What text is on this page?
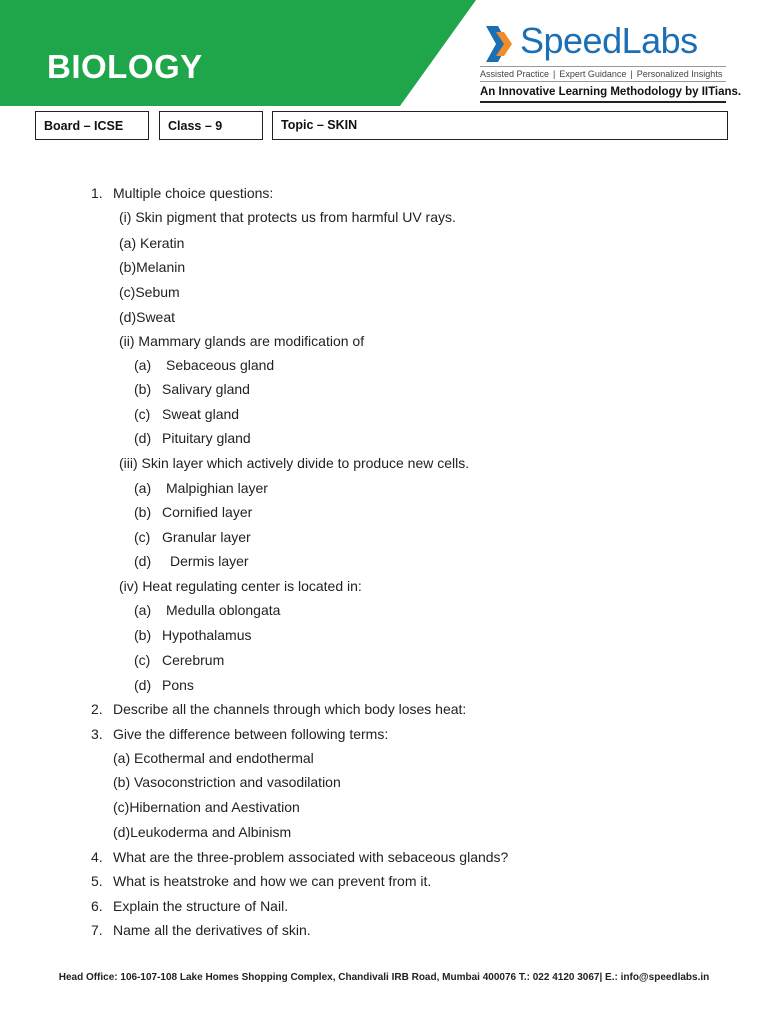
BIOLOGY
SpeedLabs
Assisted Practice | Expert Guidance | Personalized Insights
An Innovative Learning Methodology by IITians.
Board – ICSE	Class – 9	Topic – SKIN
1. Multiple choice questions:
(i) Skin pigment that protects us from harmful UV rays.
(a) Keratin
(b)Melanin
(c)Sebum
(d)Sweat
(ii) Mammary glands are modification of
(a) Sebaceous gland
(b) Salivary gland
(c) Sweat gland
(d) Pituitary gland
(iii) Skin layer which actively divide to produce new cells.
(a) Malpighian layer
(b) Cornified layer
(c) Granular layer
(d) Dermis layer
(iv) Heat regulating center is located in:
(a) Medulla oblongata
(b) Hypothalamus
(c) Cerebrum
(d) Pons
2. Describe all the channels through which body loses heat:
3. Give the difference between following terms:
(a) Ecothermal and endothermal
(b) Vasoconstriction and vasodilation
(c)Hibernation and Aestivation
(d)Leukoderma and Albinism
4. What are the three-problem associated with sebaceous glands?
5. What is heatstroke and how we can prevent from it.
6. Explain the structure of Nail.
7. Name all the derivatives of skin.
Head Office: 106-107-108 Lake Homes Shopping Complex, Chandivali IRB Road, Mumbai 400076 T.: 022 4120 3067| E.: info@speedlabs.in
